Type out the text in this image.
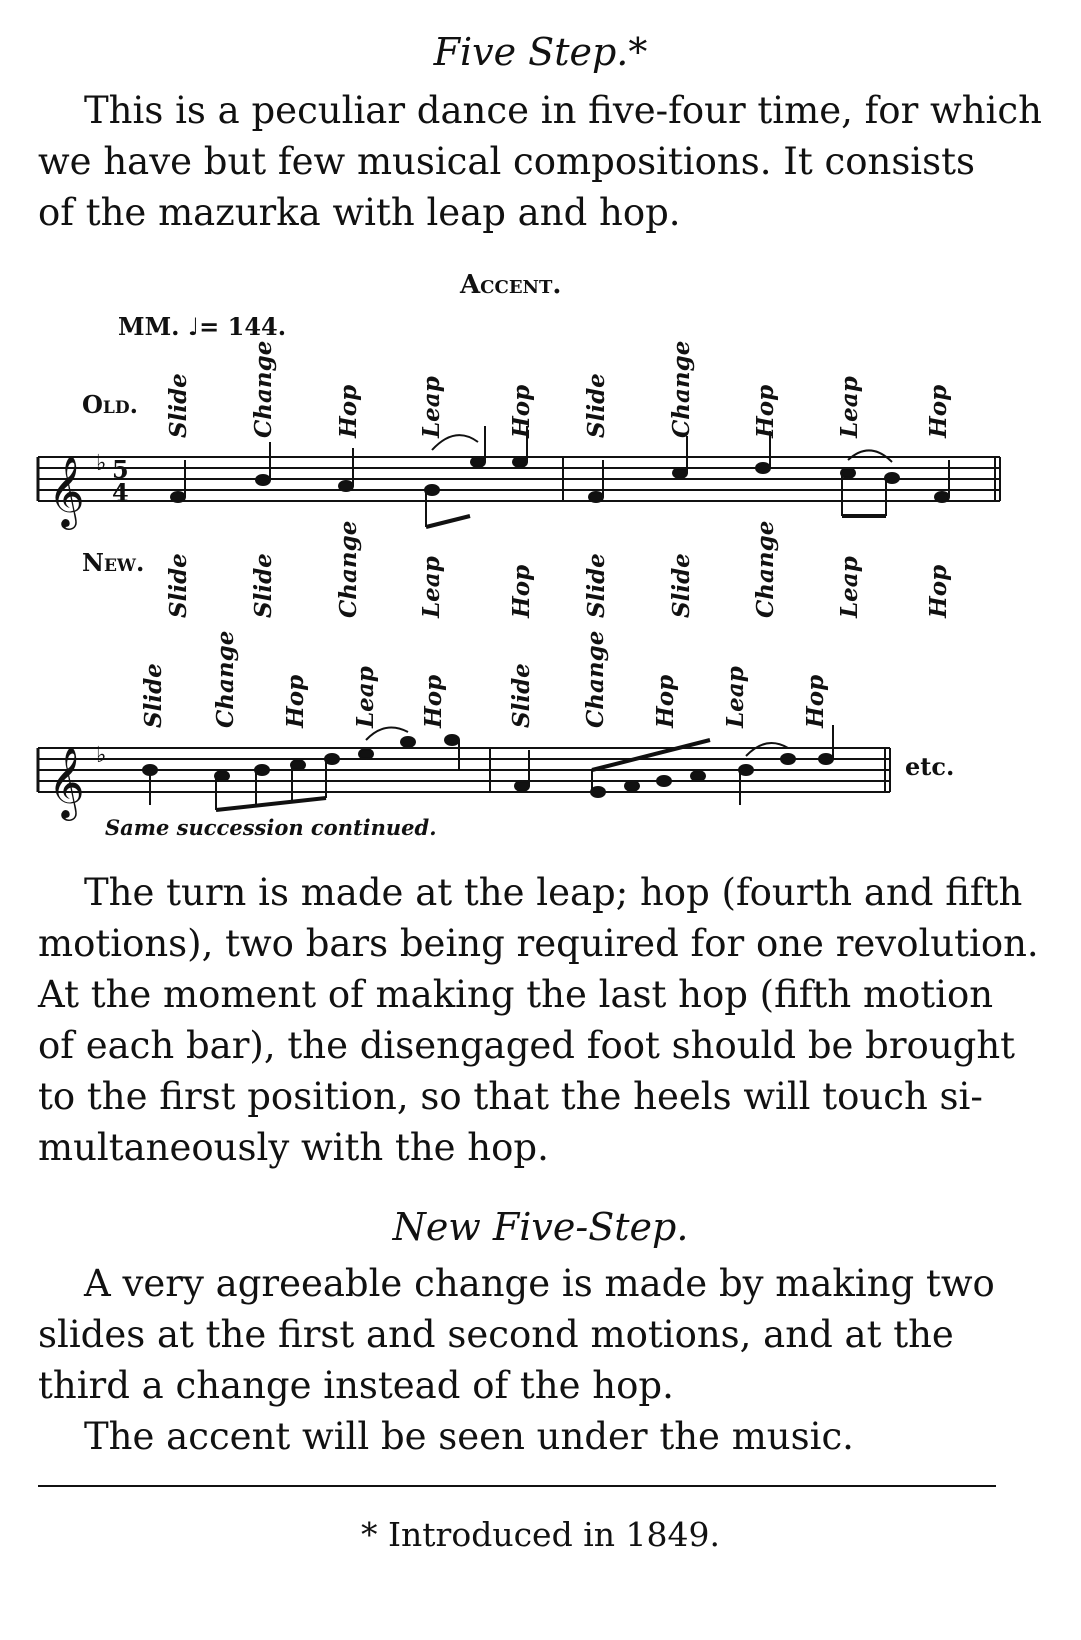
Five Step.*
This is a peculiar dance in five-four time, for which
we have but few musical compositions. It consists
of the mazurka with leap and hop.
Accent.
MM. ♩= 144.
Old.
New.
Slide	Change	Hop Leap	Hop Slide	Change Hop Leap	Hop
Slide	Slide	Change Leap	Hop Slide	Slide Change Leap	Hop
Slide Change Hop Leap Hop	Slide Change Hop Leap Hop
𝄞 ♭ 5
4
𝄞 ♭
Same succession continued.
etc.
The turn is made at the leap; hop (fourth and fifth
motions), two bars being required for one revolution.
At the moment of making the last hop (fifth motion
of each bar), the disengaged foot should be brought
to the first position, so that the heels will touch si-
multaneously with the hop.
New Five-Step.
A very agreeable change is made by making two
slides at the first and second motions, and at the
third a change instead of the hop.
The accent will be seen under the music.
* Introduced in 1849.
